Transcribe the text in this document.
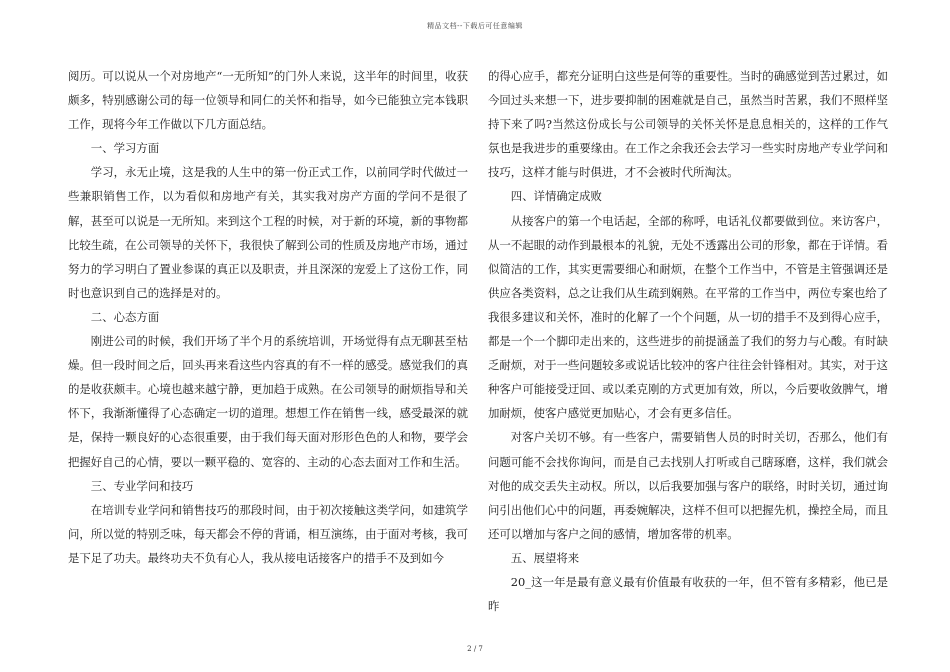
精品文档--下载后可任意编辑

阅历。可以说从一个对房地产“一无所知”的门外人来说，这半年的时间里，收获颇多，特别感谢公司的每一位领导和同仁的关怀和指导，如今已能独立完本钱职工作，现将今年工作做以下几方面总结。

一、学习方面

学习，永无止境，这是我的人生中的第一份正式工作，以前同学时代做过一些兼职销售工作，以为看似和房地产有关，其实我对房产方面的学问不是很了解，甚至可以说是一无所知。来到这个工程的时候，对于新的环境，新的事物都比较生疏，在公司领导的关怀下，我很快了解到公司的性质及房地产市场，通过努力的学习明白了置业参谋的真正以及职责，并且深深的宠爱上了这份工作，同时也意识到自己的选择是对的。

二、心态方面

刚进公司的时候，我们开场了半个月的系统培训，开场觉得有点无聊甚至枯燥。但一段时间之后，回头再来看这些内容真的有不一样的感受。感觉我们的真的是收获颇丰。心境也越来越宁静，更加趋于成熟。在公司领导的耐烦指导和关怀下，我渐渐懂得了心态确定一切的道理。想想工作在销售一线，感受最深的就是，保持一颗良好的心态很重要，由于我们每天面对形形色色的人和物，要学会把握好自己的心情，要以一颗平稳的、宽容的、主动的心态去面对工作和生活。

三、专业学问和技巧

在培训专业学问和销售技巧的那段时间，由于初次接触这类学问，如建筑学问，所以觉的特别乏味，每天都会不停的背诵，相互演练，由于面对考核，我可是下足了功夫。最终功夫不负有心人，我从接电话接客户的措手不及到如今

的得心应手，都充分证明白这些是何等的重要性。当时的确感觉到苦过累过，如今回过头来想一下，进步要抑制的困难就是自己，虽然当时苦累，我们不照样坚持下来了吗?当然这份成长与公司领导的关怀关怀是息息相关的，这样的工作气氛也是我进步的重要缘由。在工作之余我还会去学习一些实时房地产专业学问和技巧，这样才能与时俱进，才不会被时代所淘汰。

四、详情确定成败

从接客户的第一个电话起，全部的称呼，电话礼仪都要做到位。来访客户，从一不起眼的动作到最根本的礼貌，无处不透露出公司的形象，都在于详情。看似简洁的工作，其实更需要细心和耐烦，在整个工作当中，不管是主管强调还是供应各类资料，总之让我们从生疏到娴熟。在平常的工作当中，两位专案也给了我很多建议和关怀，准时的化解了一个个问题，从一切的措手不及到得心应手，都是一个一个脚印走出来的，这些进步的前提涵盖了我们的努力与心酸。有时缺乏耐烦，对于一些问题较多或说话比较冲的客户往往会针锋相对。其实，对于这种客户可能接受迂回、或以柔克刚的方式更加有效，所以，今后要收敛脾气，增加耐烦，使客户感觉更加贴心，才会有更多信任。

对客户关切不够。有一些客户，需要销售人员的时时关切，否那么，他们有问题可能不会找你询问，而是自己去找别人打听或自己瞎琢磨，这样，我们就会对他的成交丢失主动权。所以，以后我要加强与客户的联络，时时关切，通过询问引出他们心中的问题，再委婉解决，这样不但可以把握先机，操控全局，而且还可以增加与客户之间的感情，增加客带的机率。

五、展望将来

20_这一年是最有意义最有价值最有收获的一年，但不管有多精彩，他已是昨

2 / 7
